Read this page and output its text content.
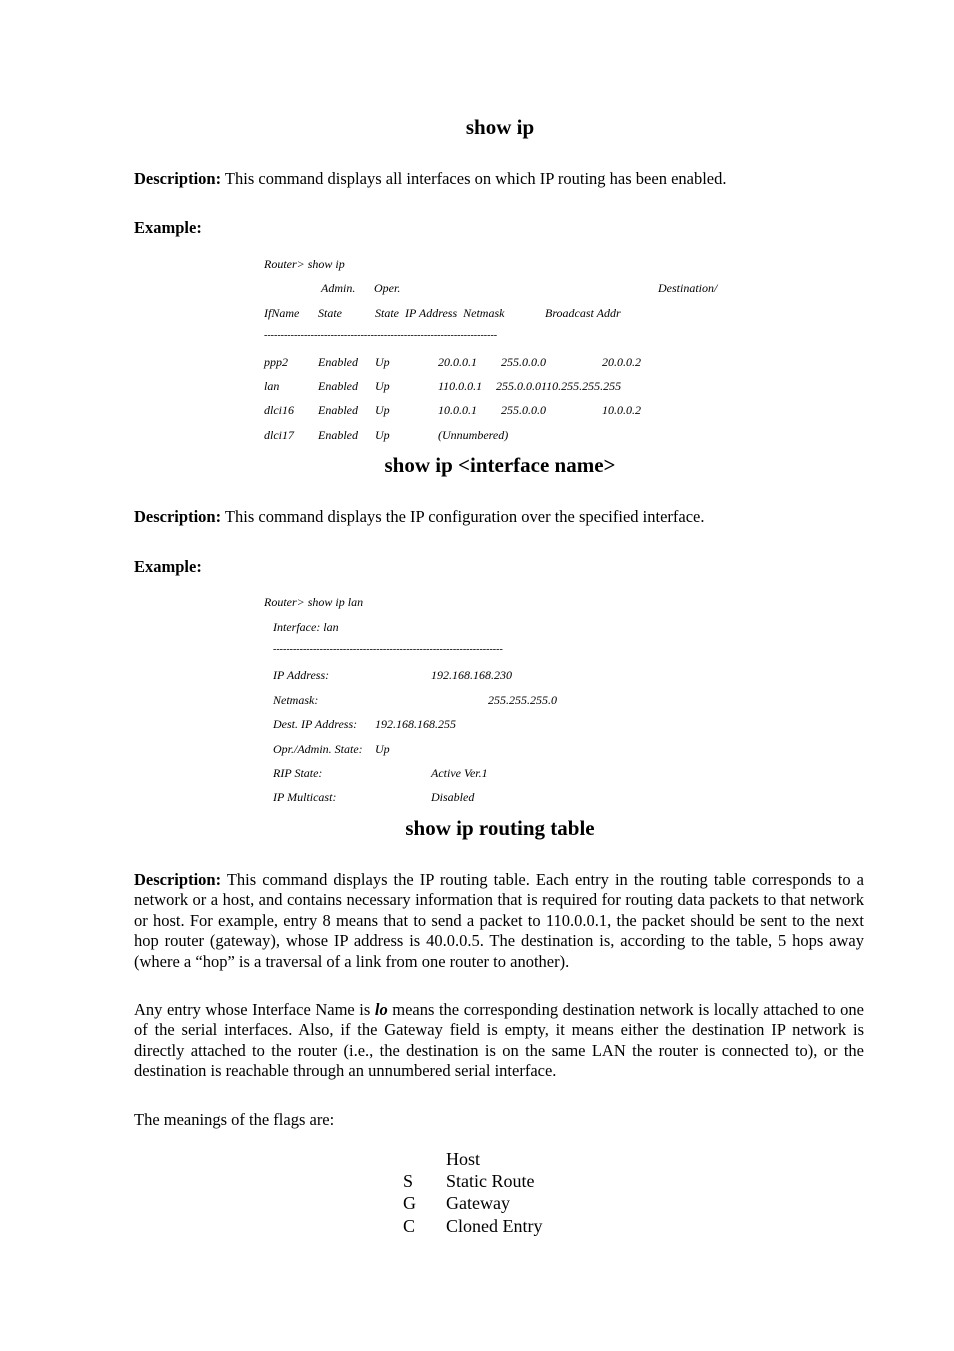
show ip
Description: This command displays all interfaces on which IP routing has been enabled.
Example:
Router> show ip
Admin. Oper.	Destination/
IfName State	State  IP Address  Netmask	Broadcast Addr
----------------------------------------------------------------------
ppp2	Enabled Up	20.0.0.1 255.0.0.0	20.0.0.2
lan	Enabled Up	110.0.0.1 255.0.0.0110.255.255.255
dlci16 Enabled Up	10.0.0.1 255.0.0.0	10.0.0.2
dlci17 Enabled Up	(Unnumbered)
show ip <interface name>
Description: This command displays the IP configuration over the specified interface.
Example:
Router> show ip lan
Interface: lan
---------------------------------------------------------------------
IP Address:	192.168.168.230
Netmask:	255.255.255.0
Dest. IP Address: 192.168.168.255
Opr./Admin. State: Up
RIP State:	Active Ver.1
IP Multicast:	Disabled
show ip routing table
Description: This command displays the IP routing table. Each entry in the routing table corresponds to a network or a host, and contains necessary information that is required for routing data packets to that network or host. For example, entry 8 means that to send a packet to 110.0.0.1, the packet should be sent to the next hop router (gateway), whose IP address is 40.0.0.5. The destination is, according to the table, 5 hops away (where a “hop” is a traversal of a link from one router to another).
Any entry whose Interface Name is lo means the corresponding destination network is locally attached to one of the serial interfaces. Also, if the Gateway field is empty, it means either the destination IP network is directly attached to the router (i.e., the destination is on the same LAN the router is connected to), or the destination is reachable through an unnumbered serial interface.
The meanings of the flags are:
Host
S Static Route
G Gateway
C Cloned Entry
